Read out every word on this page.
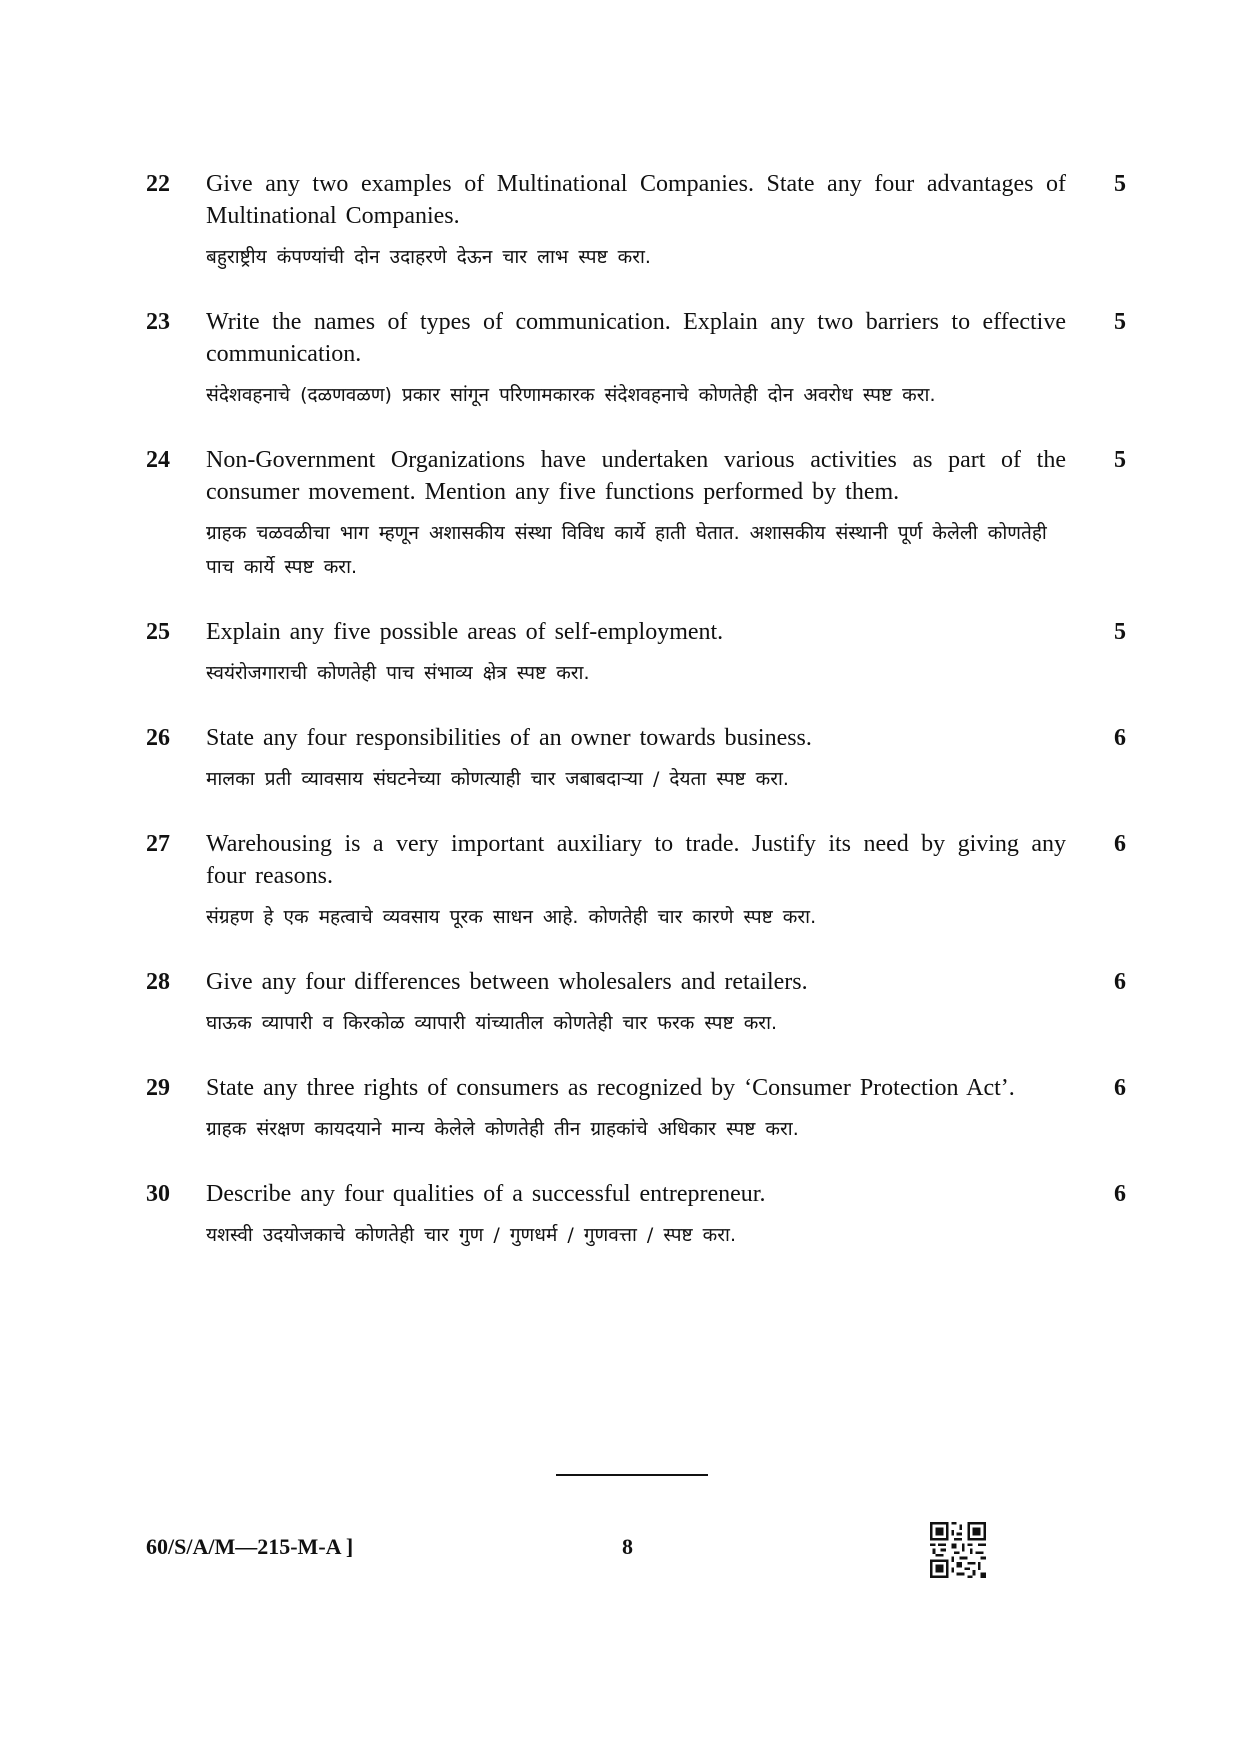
22	Give any two examples of Multinational Companies. State any four advantages of Multinational Companies.
बहुराष्ट्रीय कंपण्यांची दोन उदाहरणे देऊन चार लाभ स्पष्ट करा.
5
23	Write the names of types of communication. Explain any two barriers to effective communication.
संदेशवहनाचे (दळणवळण) प्रकार सांगून परिणामकारक संदेशवहनाचे कोणतेही दोन अवरोध स्पष्ट करा.
5
24	Non-Government Organizations have undertaken various activities as part of the consumer movement. Mention any five functions performed by them.
ग्राहक चळवळीचा भाग म्हणून अशासकीय संस्था विविध कार्ये हाती घेतात. अशासकीय संस्थानी पूर्ण केलेली कोणतेही पाच कार्ये स्पष्ट करा.
5
25	Explain any five possible areas of self-employment.
स्वयंरोजगाराची कोणतेही पाच संभाव्य क्षेत्र स्पष्ट करा.
5
26	State any four responsibilities of an owner towards business.
मालका प्रती व्यावसाय संघटनेच्या कोणत्याही चार जबाबदाऱ्या / देयता स्पष्ट करा.
6
27	Warehousing is a very important auxiliary to trade. Justify its need by giving any four reasons.
संग्रहण हे एक महत्वाचे व्यवसाय पूरक साधन आहे. कोणतेही चार कारणे स्पष्ट करा.
6
28	Give any four differences between wholesalers and retailers.
घाऊक व्यापारी व किरकोळ व्यापारी यांच्यातील कोणतेही चार फरक स्पष्ट करा.
6
29	State any three rights of consumers as recognized by ‘Consumer Protection Act’.
ग्राहक संरक्षण कायदयाने मान्य केलेले कोणतेही तीन ग्राहकांचे अधिकार स्पष्ट करा.
6
30	Describe any four qualities of a successful entrepreneur.
यशस्वी उदयोजकाचे कोणतेही चार गुण / गुणधर्म / गुणवत्ता / स्पष्ट करा.
6
60/S/A/M—215-M-A ]	8
